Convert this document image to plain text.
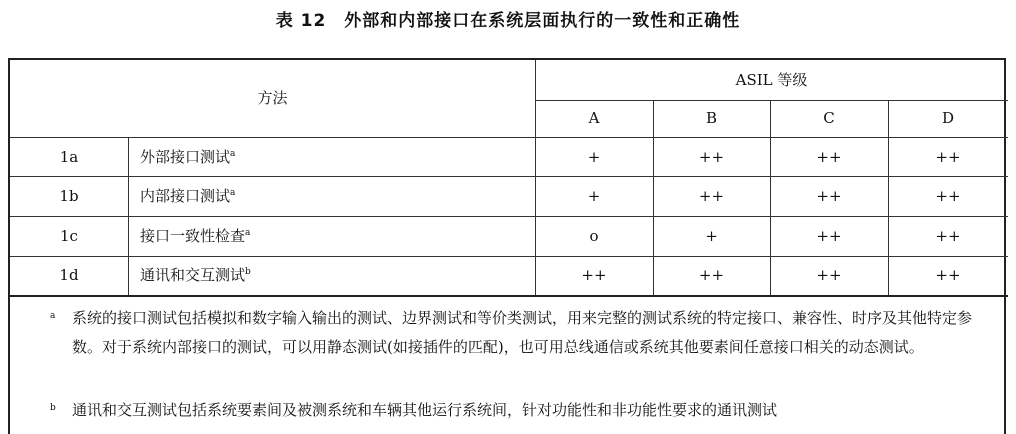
表 12 外部和内部接口在系统层面执行的一致性和正确性
方法
ASIL 等级
A	B	C	D
1a	外部接口测试$^a$	+	++	++	++
1b	内部接口测试$^a$	+	++	++	++
1c	接口一致性检查$^a$	o	+	++	++
1d	通讯和交互测试$^b$	++	++	++	++
a 系统的接口测试包括模拟和数字输入输出的测试、边界测试和等价类测试，用来完整的测试系统的特定接口、兼容性、时序及其他特定参数。对于系统内部接口的测试，可以用静态测试(如接插件的匹配)，也可用总线通信或系统其他要素间任意接口相关的动态测试。
b 通讯和交互测试包括系统要素间及被测系统和车辆其他运行系统间，针对功能性和非功能性要求的通讯测试
